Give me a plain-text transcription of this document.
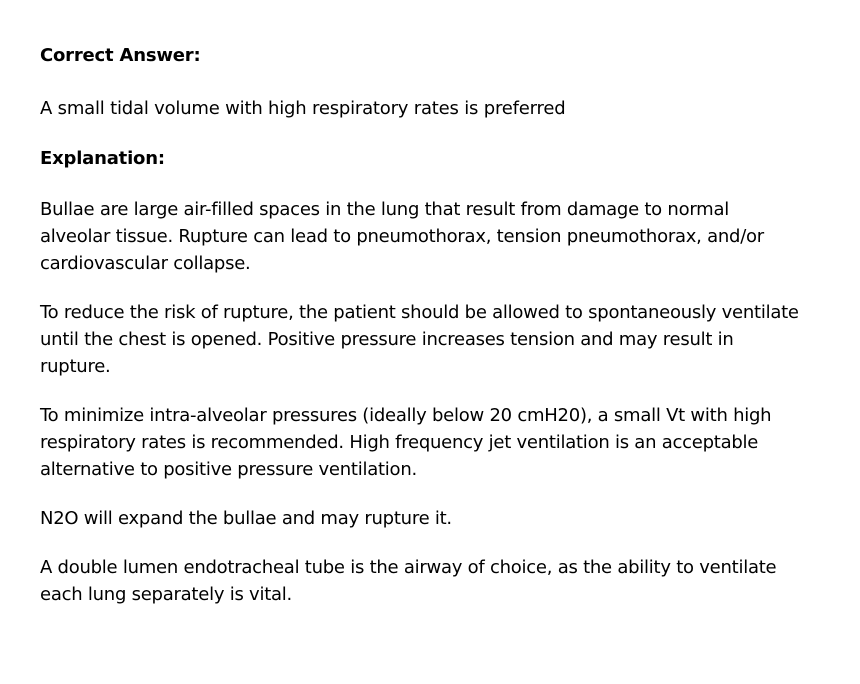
Correct Answer:
A small tidal volume with high respiratory rates is preferred
Explanation:
Bullae are large air-filled spaces in the lung that result from damage to normal alveolar tissue. Rupture can lead to pneumothorax, tension pneumothorax, and/or cardiovascular collapse.
To reduce the risk of rupture, the patient should be allowed to spontaneously ventilate until the chest is opened. Positive pressure increases tension and may result in rupture.
To minimize intra-alveolar pressures (ideally below 20 cmH20), a small Vt with high respiratory rates is recommended. High frequency jet ventilation is an acceptable alternative to positive pressure ventilation.
N2O will expand the bullae and may rupture it.
A double lumen endotracheal tube is the airway of choice, as the ability to ventilate each lung separately is vital.
